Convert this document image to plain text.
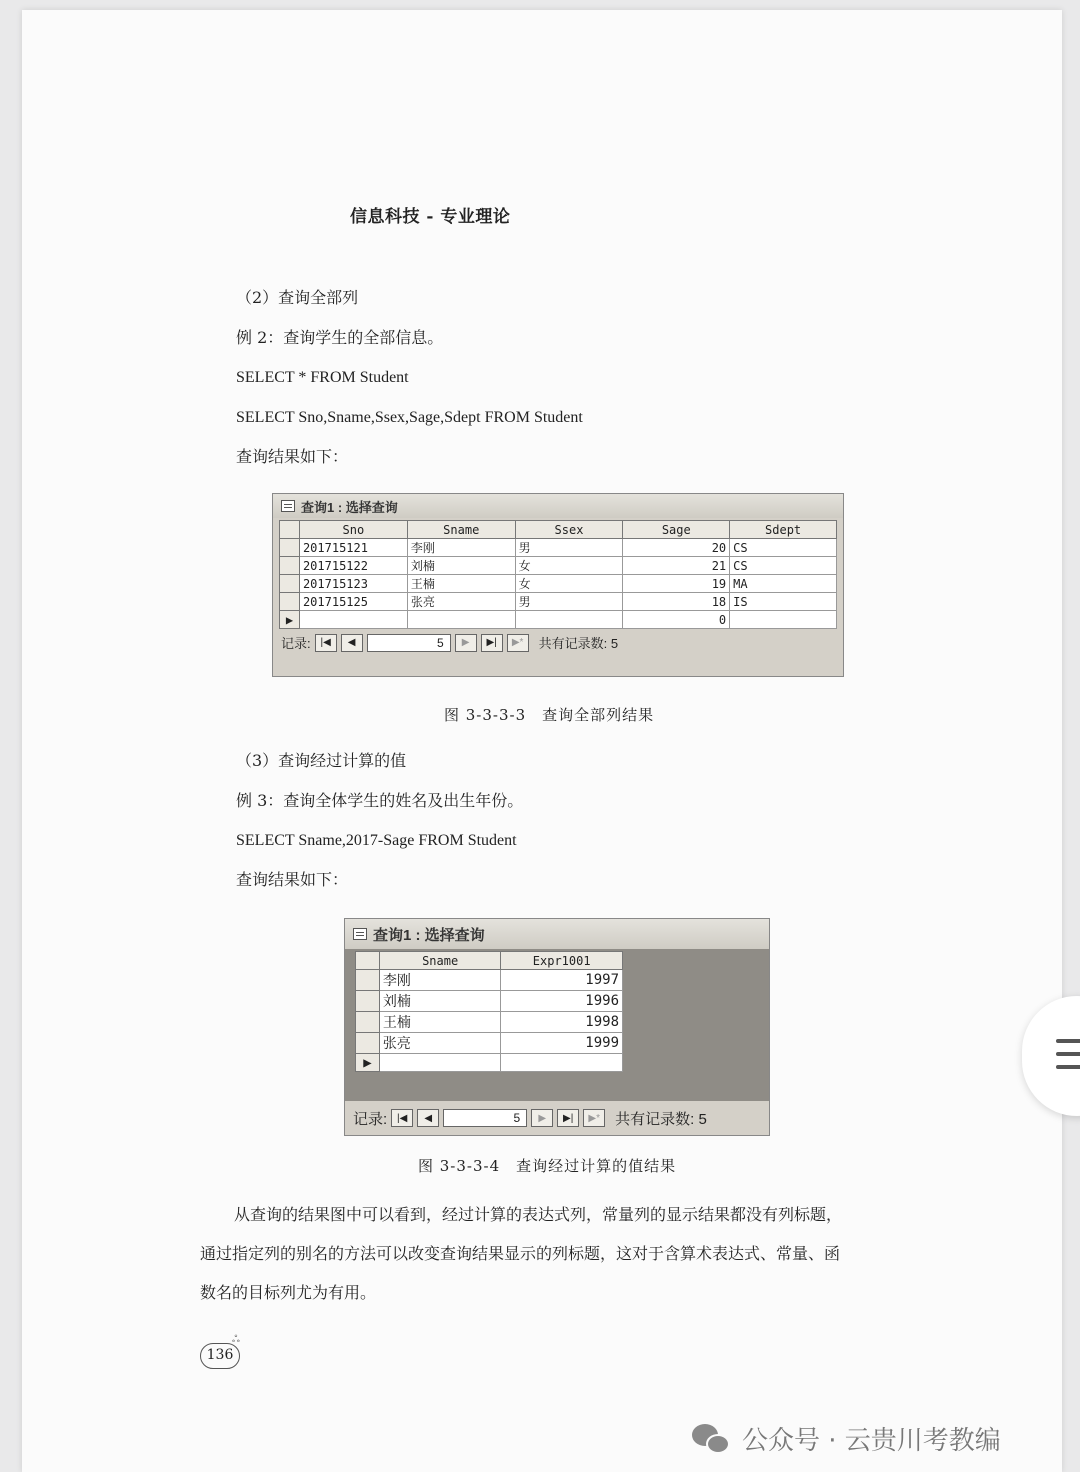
信息科技 - 专业理论
（2）查询全部列
例 2：查询学生的全部信息。
SELECT * FROM Student
SELECT Sno,Sname,Ssex,Sage,Sdept FROM Student
查询结果如下：
查询1 : 选择查询
	Sno	Sname	Ssex	Sage	Sdept
	201715121	李刚	男	20	CS
	201715122	刘楠	女	21	CS
	201715123	王楠	女	19	MA
	201715125	张亮	男	18	IS
▶				0	
记录: |◀	◀	5	▶	▶|	▶*	共有记录数: 5
图 3-3-3-3　查询全部列结果
（3）查询经过计算的值
例 3：查询全体学生的姓名及出生年份。
SELECT Sname,2017-Sage FROM Student
查询结果如下：
查询1 : 选择查询
	Sname	Expr1001
	李刚	1997
	刘楠	1996
	王楠	1998
	张亮	1999
▶		
记录: |◀	◀	5	▶	▶|	▶*	共有记录数: 5
图 3-3-3-4　查询经过计算的值结果
从查询的结果图中可以看到，经过计算的表达式列，常量列的显示结果都没有列标题，
通过指定列的别名的方法可以改变查询结果显示的列标题，这对于含算术表达式、常量、函
数名的目标列尤为有用。
ஃ
136
公众号 · 云贵川考教编
